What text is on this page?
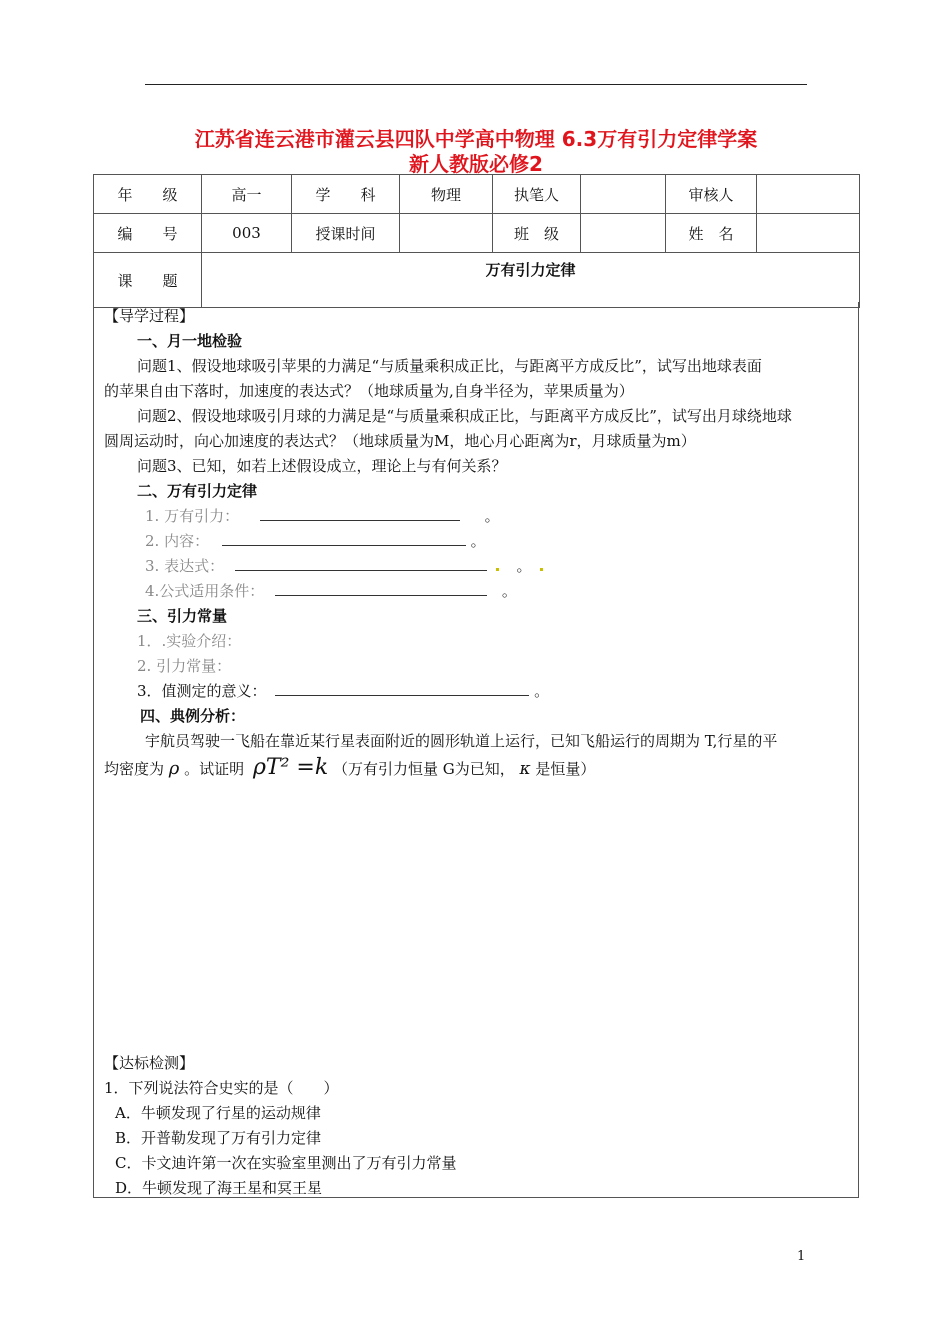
江苏省连云港市灌云县四队中学高中物理 6.3万有引力定律学案
新人教版必修2
年　　级	高一	学　　科	物理	执笔人		审核人	
编　　号	003	授课时间		班　级		姓　名	
课　　题	万有引力定律						
【导学过程】
一、月一地检验
问题1、假设地球吸引苹果的力满足“与质量乘积成正比，与距离平方成反比”，试写出地球表面
的苹果自由下落时，加速度的表达式？（地球质量为,自身半径为，苹果质量为）
问题2、假设地球吸引月球的力满足是“与质量乘积成正比，与距离平方成反比”，试写出月球绕地球
圆周运动时，向心加速度的表达式？（地球质量为M，地心月心距离为r，月球质量为m）
问题3、已知，如若上述假设成立，理论上与有何关系？
二、万有引力定律
1. 万有引力：	。
2. 内容：	。
3. 表达式：	。
4.公式适用条件：	。
三、引力常量
1．.实验介绍：
2. 引力常量：
3．值测定的意义：	。
四、典例分析：
宇航员驾驶一飞船在靠近某行星表面附近的圆形轨道上运行，已知飞船运行的周期为 T,行星的平
均密度为 ρ 。试证明 ρT² =k （万有引力恒量 G为已知， κ 是恒量）
【达标检测】
1．下列说法符合史实的是（　　）
A．牛顿发现了行星的运动规律
B．开普勒发现了万有引力定律
C．卡文迪许第一次在实验室里测出了万有引力常量
D．牛顿发现了海王星和冥王星
1
